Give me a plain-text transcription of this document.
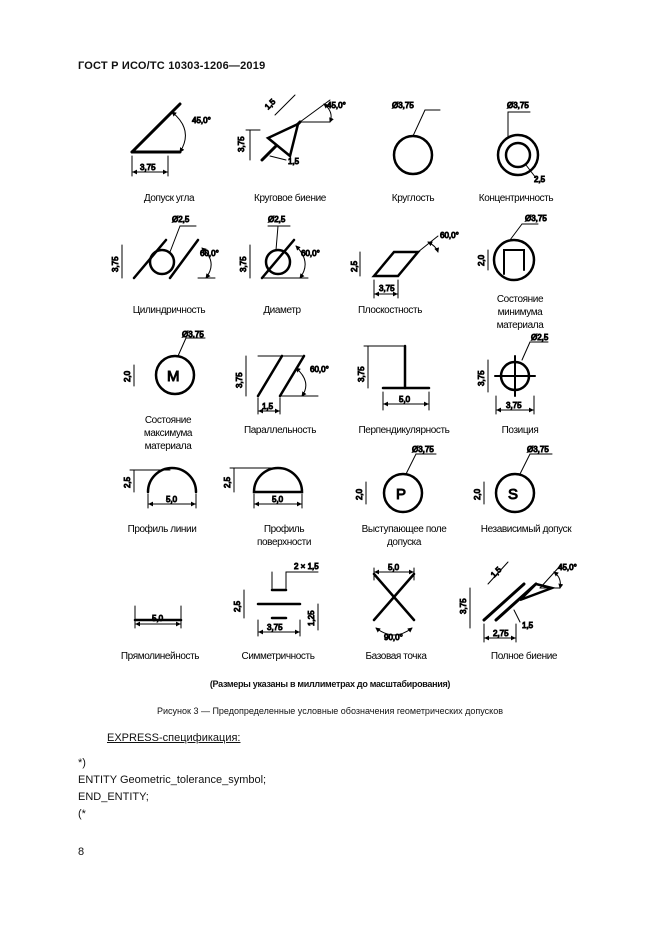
ГОСТ Р ИСО/ТС 10303-1206—2019
45,0°
3,75
45,0°
1,5
3,75
1,5
Ø3,75	Ø3,75
2,5
Ø2,5
60,0°
3,75
Ø2,5
60,0°
3,75
60,0°
2,5
3,75
Ø3,75
2,0
M
Ø3,75
2,0
60,0°
3,75
1,5
3,75
5,0
Ø2,5
3,75
3,75
2,5
5,0
2,5
5,0	P
Ø3,75
2,0	S
Ø3,75
2,0
5,0
2 × 1,5
2,5
1,25
3,75
5,0
90,0°
45,0°
1,5
3,75
2,75
1,5
Допуск угла	Круговое биение	Круглость	Концентричность
Цилиндричность	Диаметр	Плоскостность
Состояние минимума материала
Состояние максимума материала
Параллельность	Перпендикулярность	Позиция
Профиль линии	Профиль поверхности
Выступающее поле допуска
Независимый допуск
Прямолинейность	Симметричность	Базовая точка	Полное биение
(Размеры указаны в миллиметрах до масштабирования)
Рисунок 3 — Предопределенные условные обозначения геометрических допусков
EXPRESS-спецификация:
*)
ENTITY Geometric_tolerance_symbol;
END_ENTITY;
(*
8
